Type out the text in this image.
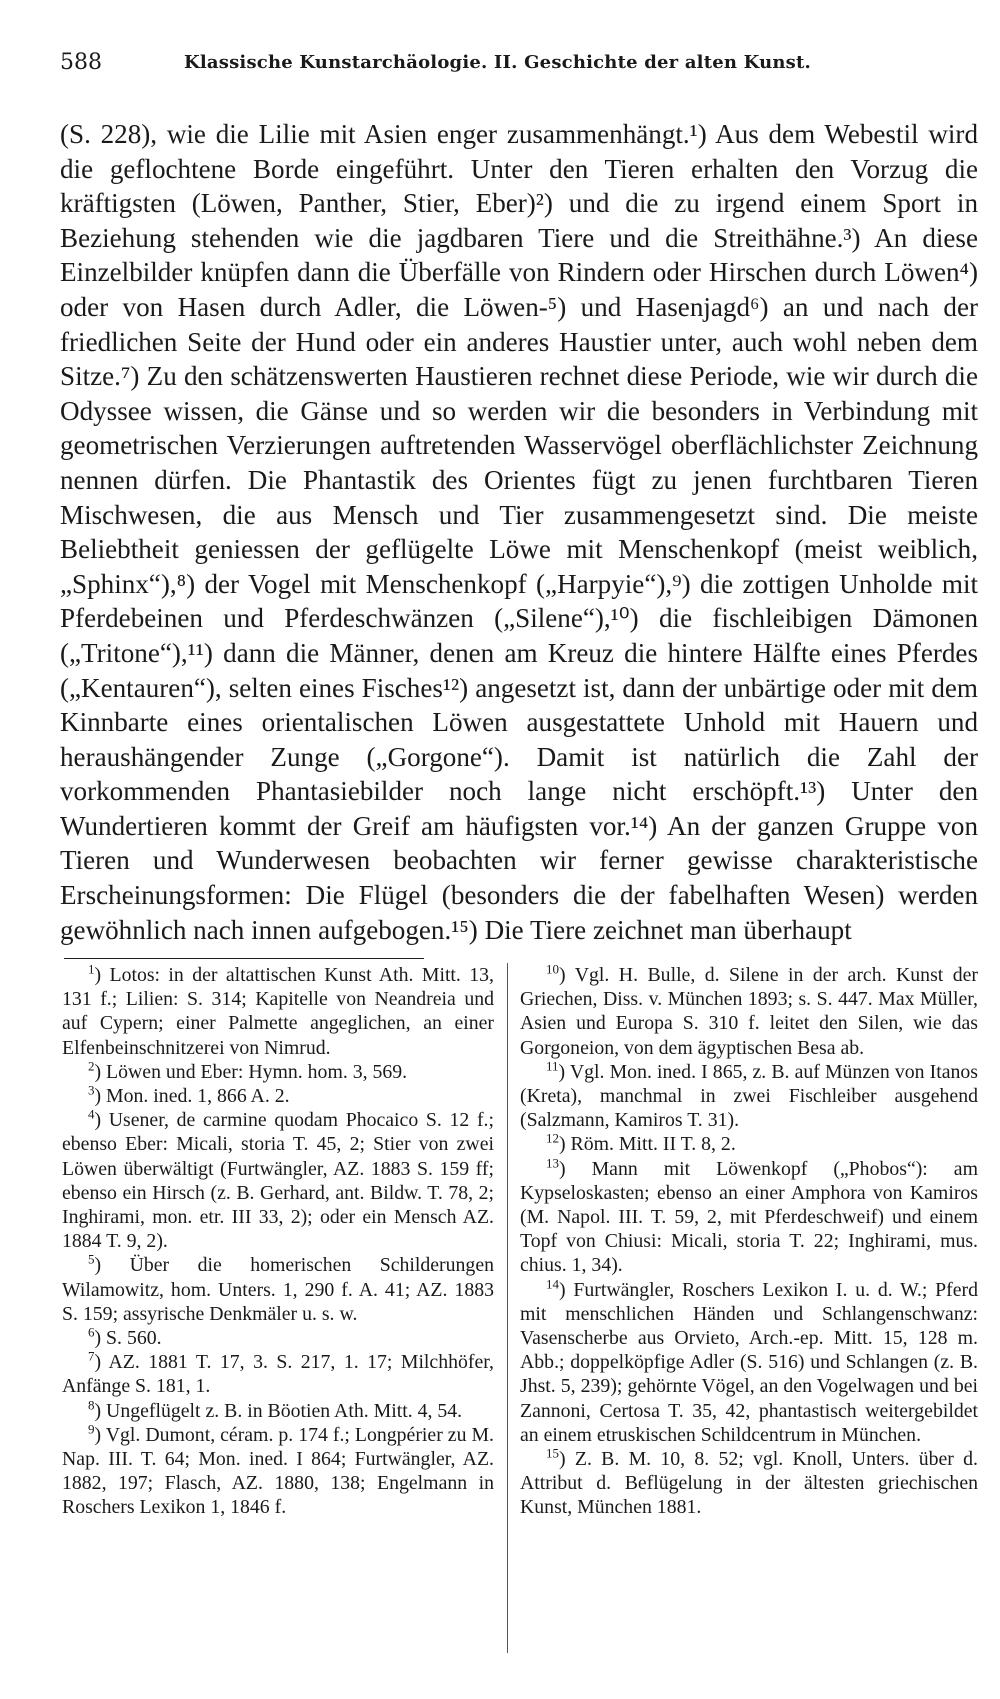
588	Klassische Kunstarchäologie. II. Geschichte der alten Kunst.

(S. 228), wie die Lilie mit Asien enger zusammenhängt.¹) Aus dem Webestil wird die geflochtene Borde eingeführt. Unter den Tieren erhalten den Vorzug die kräftigsten (Löwen, Panther, Stier, Eber)²) und die zu irgend einem Sport in Beziehung stehenden wie die jagdbaren Tiere und die Streithähne.³) An diese Einzelbilder knüpfen dann die Überfälle von Rindern oder Hirschen durch Löwen⁴) oder von Hasen durch Adler, die Löwen-⁵) und Hasenjagd⁶) an und nach der friedlichen Seite der Hund oder ein anderes Haustier unter, auch wohl neben dem Sitze.⁷) Zu den schätzenswerten Haustieren rechnet diese Periode, wie wir durch die Odyssee wissen, die Gänse und so werden wir die besonders in Verbindung mit geometrischen Verzierungen auftretenden Wasservögel oberflächlichster Zeichnung nennen dürfen. Die Phantastik des Orientes fügt zu jenen furchtbaren Tieren Mischwesen, die aus Mensch und Tier zusammengesetzt sind. Die meiste Beliebtheit geniessen der geflügelte Löwe mit Menschenkopf (meist weiblich, „Sphinx“),⁸) der Vogel mit Menschenkopf („Harpyie“),⁹) die zottigen Unholde mit Pferdebeinen und Pferdeschwänzen („Silene“),¹⁰) die fischleibigen Dämonen („Tritone“),¹¹) dann die Männer, denen am Kreuz die hintere Hälfte eines Pferdes („Kentauren“), selten eines Fisches¹²) angesetzt ist, dann der unbärtige oder mit dem Kinnbarte eines orientalischen Löwen ausgestattete Unhold mit Hauern und heraushängender Zunge („Gorgone“). Damit ist natürlich die Zahl der vorkommenden Phantasiebilder noch lange nicht erschöpft.¹³) Unter den Wundertieren kommt der Greif am häufigsten vor.¹⁴) An der ganzen Gruppe von Tieren und Wunderwesen beobachten wir ferner gewisse charakteristische Erscheinungsformen: Die Flügel (besonders die der fabelhaften Wesen) werden gewöhnlich nach innen aufgebogen.¹⁵) Die Tiere zeichnet man überhaupt

$^1$) Lotos: in der altattischen Kunst Ath. Mitt. 13, 131 f.; Lilien: S. 314; Kapitelle von Neandreia und auf Cypern; einer Palmette angeglichen, an einer Elfenbeinschnitzerei von Nimrud.

$^2$) Löwen und Eber: Hymn. hom. 3, 569.

$^3$) Mon. ined. 1, 866 A. 2.

$^4$) Usener, de carmine quodam Phocaico S. 12 f.; ebenso Eber: Micali, storia T. 45, 2; Stier von zwei Löwen überwältigt (Furtwängler, AZ. 1883 S. 159 ff; ebenso ein Hirsch (z. B. Gerhard, ant. Bildw. T. 78, 2; Inghirami, mon. etr. III 33, 2); oder ein Mensch AZ. 1884 T. 9, 2).

$^5$) Über die homerischen Schilderungen Wilamowitz, hom. Unters. 1, 290 f. A. 41; AZ. 1883 S. 159; assyrische Denkmäler u. s. w.

$^6$) S. 560.

$^7$) AZ. 1881 T. 17, 3. S. 217, 1. 17; Milchhöfer, Anfänge S. 181, 1.

$^8$) Ungeflügelt z. B. in Böotien Ath. Mitt. 4, 54.

$^9$) Vgl. Dumont, céram. p. 174 f.; Longpérier zu M. Nap. III. T. 64; Mon. ined. I 864; Furtwängler, AZ. 1882, 197; Flasch, AZ. 1880, 138; Engelmann in Roschers Lexikon 1, 1846 f.

$^{10}$) Vgl. H. Bulle, d. Silene in der arch. Kunst der Griechen, Diss. v. München 1893; s. S. 447. Max Müller, Asien und Europa S. 310 f. leitet den Silen, wie das Gorgoneion, von dem ägyptischen Besa ab.

$^{11}$) Vgl. Mon. ined. I 865, z. B. auf Münzen von Itanos (Kreta), manchmal in zwei Fischleiber ausgehend (Salzmann, Kamiros T. 31).

$^{12}$) Röm. Mitt. II T. 8, 2.

$^{13}$) Mann mit Löwenkopf („Phobos“): am Kypseloskasten; ebenso an einer Amphora von Kamiros (M. Napol. III. T. 59, 2, mit Pferdeschweif) und einem Topf von Chiusi: Micali, storia T. 22; Inghirami, mus. chius. 1, 34).

$^{14}$) Furtwängler, Roschers Lexikon I. u. d. W.; Pferd mit menschlichen Händen und Schlangenschwanz: Vasenscherbe aus Orvieto, Arch.-ep. Mitt. 15, 128 m. Abb.; doppelköpfige Adler (S. 516) und Schlangen (z. B. Jhst. 5, 239); gehörnte Vögel, an den Vogelwagen und bei Zannoni, Certosa T. 35, 42, phantastisch weitergebildet an einem etruskischen Schildcentrum in München.

$^{15}$) Z. B. M. 10, 8. 52; vgl. Knoll, Unters. über d. Attribut d. Beflügelung in der ältesten griechischen Kunst, München 1881.
